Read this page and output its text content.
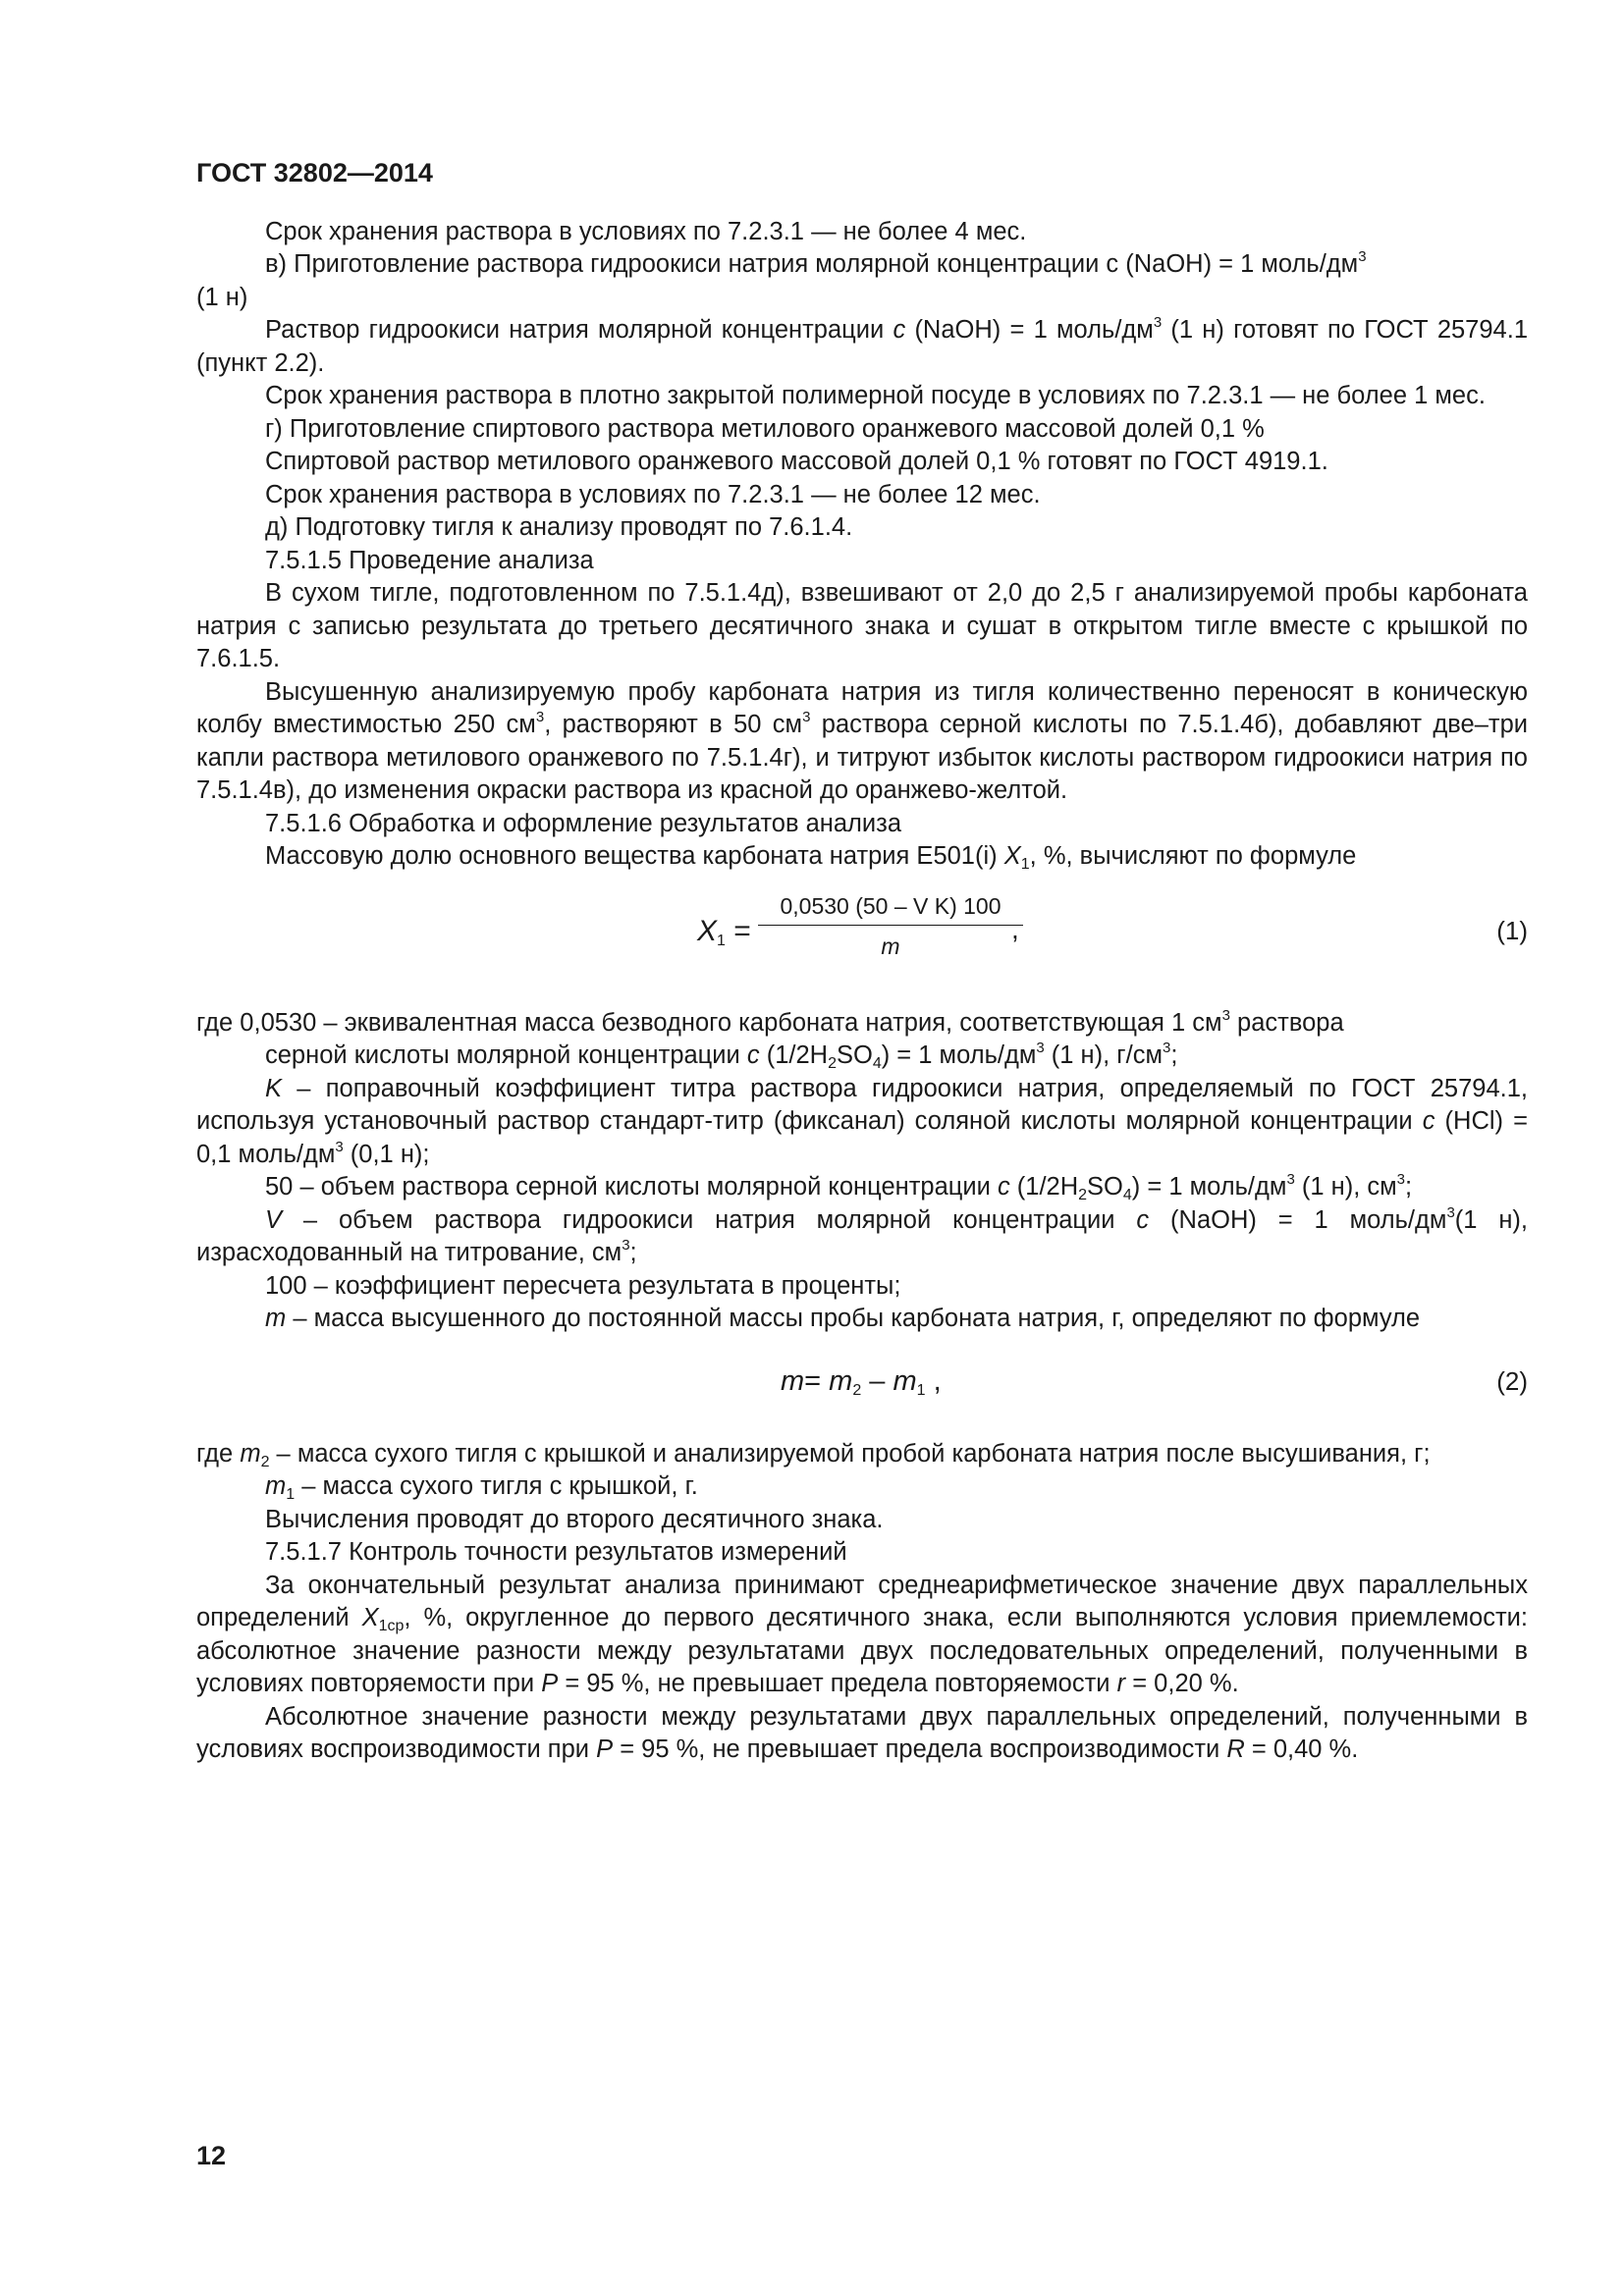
ГОСТ 32802—2014

Срок хранения раствора в условиях по 7.2.3.1 — не более 4 мес.

в) Приготовление раствора гидроокиси натрия молярной концентрации с (NaOH) = 1 моль/$дм^3$

(1 н)

Раствор гидроокиси натрия молярной концентрации c (NaOH) = 1 моль/$дм^3$ (1 н) готовят по ГОСТ 25794.1 (пункт 2.2).

Срок хранения раствора в плотно закрытой полимерной посуде в условиях по 7.2.3.1 — не более 1 мес.

г) Приготовление спиртового раствора метилового оранжевого массовой долей 0,1 %

Спиртовой раствор метилового оранжевого массовой долей 0,1 % готовят по ГОСТ 4919.1.

Срок хранения раствора в условиях по 7.2.3.1 — не более 12 мес.

д) Подготовку тигля к анализу проводят по 7.6.1.4.

7.5.1.5 Проведение анализа

В сухом тигле, подготовленном по 7.5.1.4д), взвешивают от 2,0 до 2,5 г анализируемой пробы карбоната натрия с записью результата до третьего десятичного знака и сушат в открытом тигле вместе с крышкой по 7.6.1.5.

Высушенную анализируемую пробу карбоната натрия из тигля количественно переносят в коническую колбу вместимостью 250 $см^3$, растворяют в 50 $см^3$ раствора серной кислоты по 7.5.1.4б), добавляют две–три капли раствора метилового оранжевого по 7.5.1.4г), и титруют избыток кислоты раствором гидроокиси натрия по 7.5.1.4в), до изменения окраски раствора из красной до оранжево-желтой.

7.5.1.6 Обработка и оформление результатов анализа

Массовую долю основного вещества карбоната натрия Е501(i) $X_1$, %, вычисляют по формуле

$X_1 = \frac{\text{0,0530 (50 – V K) 100}}{m}$
,	(1)

где 0,0530 – эквивалентная масса безводного карбоната натрия, соответствующая 1 $см^3$ раствора

серной кислоты молярной концентрации c $(1/2H_2SO_4) = 1$ моль/$дм^3$ (1 н), $г/см^3$;

K – поправочный коэффициент титра раствора гидроокиси натрия, определяемый по ГОСТ 25794.1, используя установочный раствор стандарт-титр (фиксанал) соляной кислоты молярной концентрации c (HCl) = 0,1 моль/$дм^3$ (0,1 н);

50 – объем раствора серной кислоты молярной концентрации c $(1/2H_2SO_4) = 1$ моль/$дм^3$ (1 н), $см^3$;

V – объем раствора гидроокиси натрия молярной концентрации c (NaOH) = 1 моль/$дм^3(1$ н), израсходованный на титрование, $см^3$;

100 – коэффициент пересчета результата в проценты;

m – масса высушенного до постоянной массы пробы карбоната натрия, г, определяют по формуле

$m= m_2 - m_1$ ,	(2)

где $m_2$ – масса сухого тигля с крышкой и анализируемой пробой карбоната натрия после высушивания, г;

$m_1$ – масса сухого тигля с крышкой, г.

Вычисления проводят до второго десятичного знака.

7.5.1.7 Контроль точности результатов измерений

За окончательный результат анализа принимают среднеарифметическое значение двух параллельных определений $X_{1ср}$, %, округленное до первого десятичного знака, если выполняются условия приемлемости: абсолютное значение разности между результатами двух последовательных определений, полученными в условиях повторяемости при P = 95 %, не превышает предела повторяемости r = 0,20 %.

Абсолютное значение разности между результатами двух параллельных определений, полученными в условиях воспроизводимости при P = 95 %, не превышает предела воспроизводимости R = 0,40 %.

12
